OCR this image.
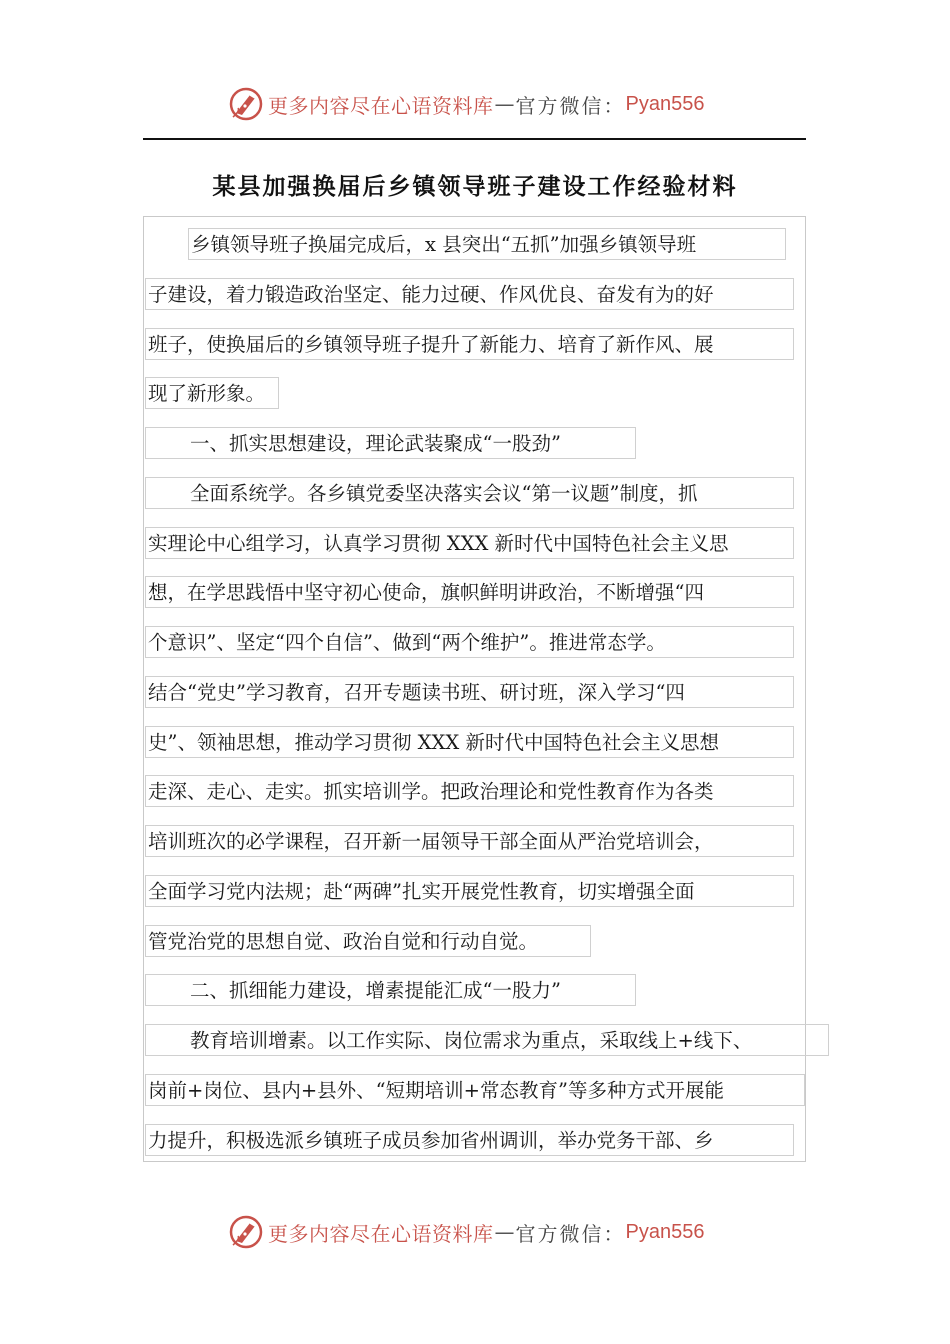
更多内容尽在心语资料库 — 官方微信： Pyan556
某县加强换届后乡镇领导班子建设工作经验材料
乡镇领导班子换届完成后，x 县突出“五抓”加强乡镇领导班
子建设，着力锻造政治坚定、能力过硬、作风优良、奋发有为的好
班子，使换届后的乡镇领导班子提升了新能力、培育了新作风、展
现了新形象。
一、抓实思想建设，理论武装聚成“一股劲”
全面系统学。各乡镇党委坚决落实会议“第一议题”制度，抓
实理论中心组学习，认真学习贯彻 XXX 新时代中国特色社会主义思
想，在学思践悟中坚守初心使命，旗帜鲜明讲政治，不断增强“四
个意识”、坚定“四个自信”、做到“两个维护”。推进常态学。
结合“党史”学习教育，召开专题读书班、研讨班，深入学习“四
史”、领袖思想，推动学习贯彻 XXX 新时代中国特色社会主义思想
走深、走心、走实。抓实培训学。把政治理论和党性教育作为各类
培训班次的必学课程，召开新一届领导干部全面从严治党培训会，
全面学习党内法规；赴“两碑”扎实开展党性教育，切实增强全面
管党治党的思想自觉、政治自觉和行动自觉。
二、抓细能力建设，增素提能汇成“一股力”
教育培训增素。以工作实际、岗位需求为重点，采取线上+线下、
岗前+岗位、县内+县外、“短期培训+常态教育”等多种方式开展能
力提升，积极选派乡镇班子成员参加省州调训，举办党务干部、乡
更多内容尽在心语资料库 — 官方微信： Pyan556
